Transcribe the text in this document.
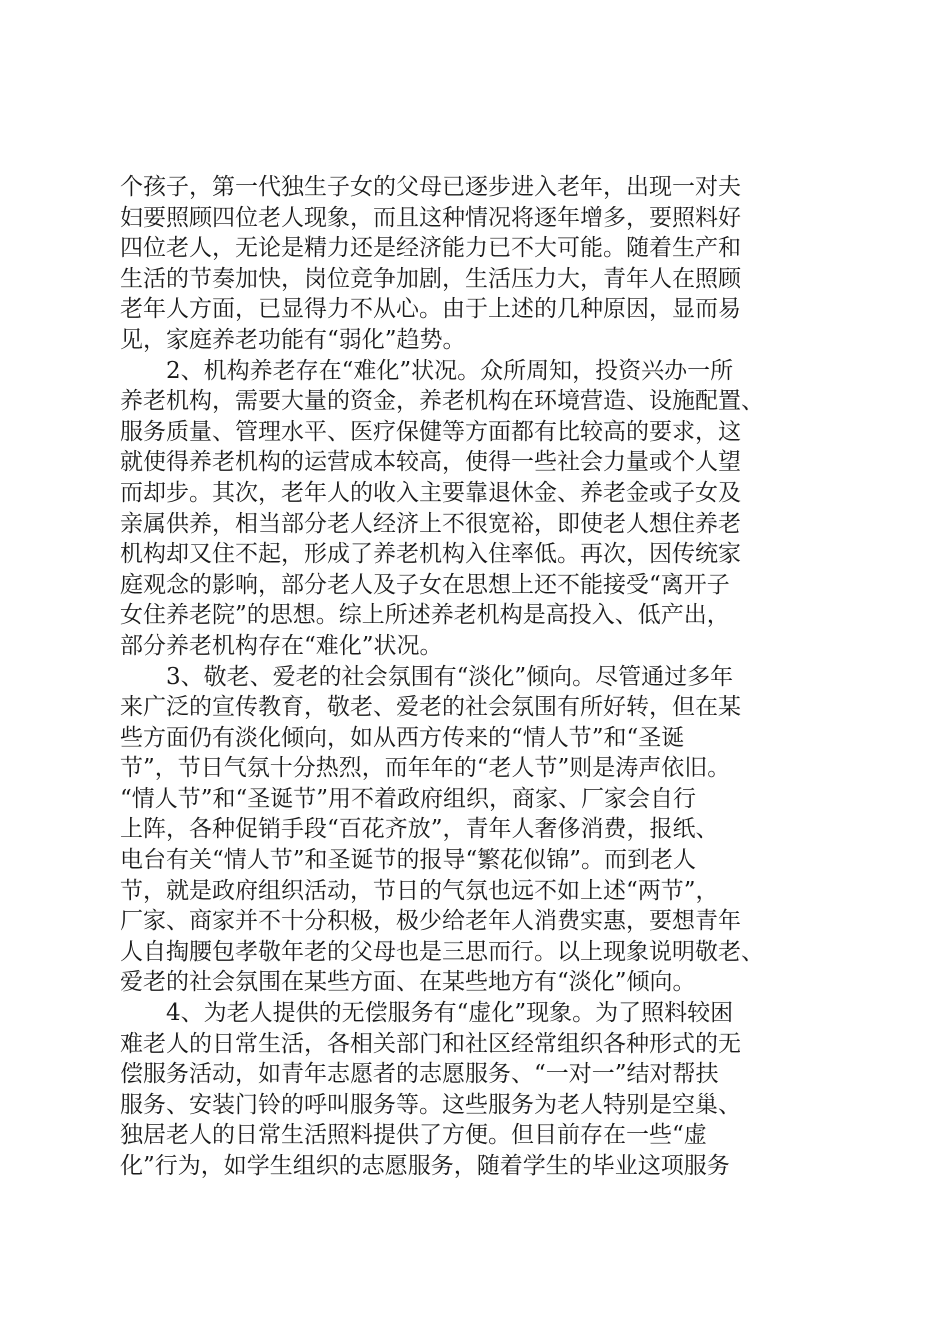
个孩子，第一代独生子女的父母已逐步进入老年，出现一对夫
妇要照顾四位老人现象，而且这种情况将逐年增多，要照料好
四位老人，无论是精力还是经济能力已不大可能。随着生产和
生活的节奏加快，岗位竞争加剧，生活压力大，青年人在照顾
老年人方面，已显得力不从心。由于上述的几种原因，显而易
见，家庭养老功能有“弱化”趋势。
　　2、机构养老存在“难化”状况。众所周知，投资兴办一所
养老机构，需要大量的资金，养老机构在环境营造、设施配置、
服务质量、管理水平、医疗保健等方面都有比较高的要求，这
就使得养老机构的运营成本较高，使得一些社会力量或个人望
而却步。其次，老年人的收入主要靠退休金、养老金或子女及
亲属供养，相当部分老人经济上不很宽裕，即使老人想住养老
机构却又住不起，形成了养老机构入住率低。再次，因传统家
庭观念的影响，部分老人及子女在思想上还不能接受“离开子
女住养老院”的思想。综上所述养老机构是高投入、低产出，
部分养老机构存在“难化”状况。
　　3、敬老、爱老的社会氛围有“淡化”倾向。尽管通过多年
来广泛的宣传教育，敬老、爱老的社会氛围有所好转，但在某
些方面仍有淡化倾向，如从西方传来的“情人节”和“圣诞
节”，节日气氛十分热烈，而年年的“老人节”则是涛声依旧。
“情人节”和“圣诞节”用不着政府组织，商家、厂家会自行
上阵，各种促销手段“百花齐放”，青年人奢侈消费，报纸、
电台有关“情人节”和圣诞节的报导“繁花似锦”。而到老人
节，就是政府组织活动，节日的气氛也远不如上述“两节”，
厂家、商家并不十分积极，极少给老年人消费实惠，要想青年
人自掏腰包孝敬年老的父母也是三思而行。以上现象说明敬老、
爱老的社会氛围在某些方面、在某些地方有“淡化”倾向。
　　4、为老人提供的无偿服务有“虚化”现象。为了照料较困
难老人的日常生活，各相关部门和社区经常组织各种形式的无
偿服务活动，如青年志愿者的志愿服务、“一对一”结对帮扶
服务、安装门铃的呼叫服务等。这些服务为老人特别是空巢、
独居老人的日常生活照料提供了方便。但目前存在一些“虚
化”行为，如学生组织的志愿服务，随着学生的毕业这项服务
